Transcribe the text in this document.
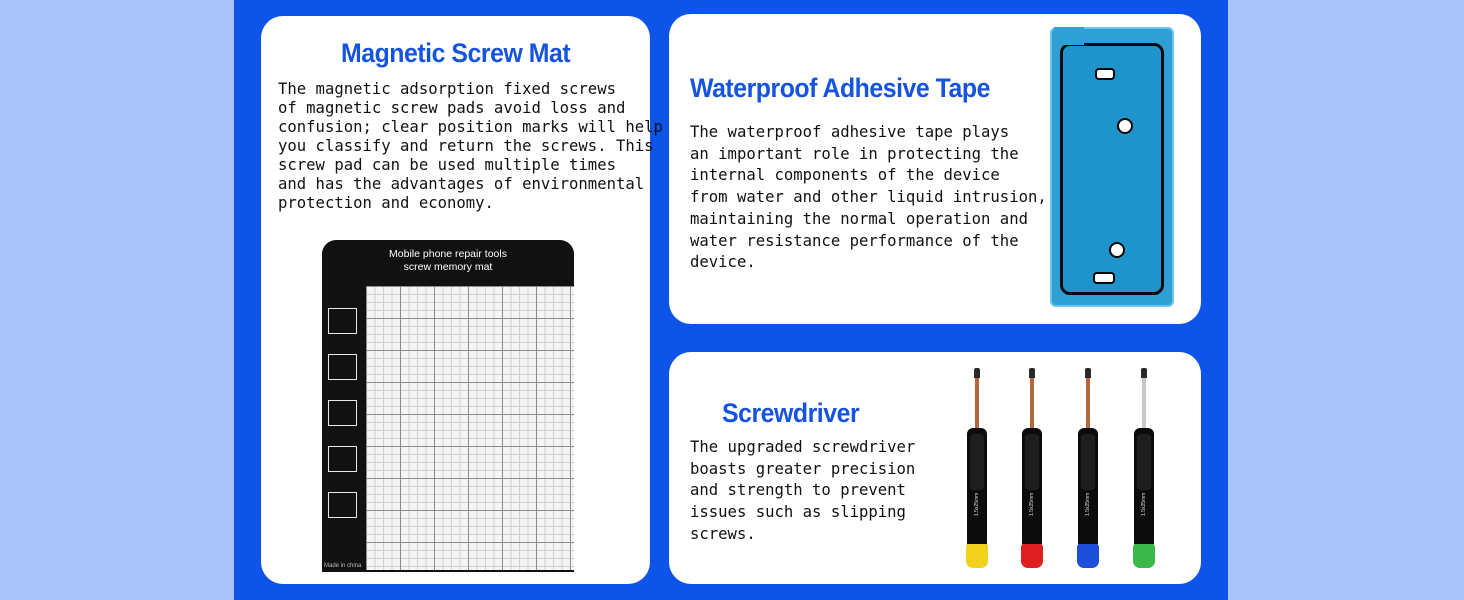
Magnetic Screw Mat
The magnetic adsorption fixed screws
of magnetic screw pads avoid loss and
confusion; clear position marks will help
you classify and return the screws. This
screw pad can be used multiple times
and has the advantages of environmental
protection and economy.
Mobile phone repair tools
screw memory mat
Made in china
Waterproof Adhesive Tape
The waterproof adhesive tape plays
an important role in protecting the
internal components of the device
from water and other liquid intrusion,
maintaining the normal operation and
water resistance performance of the
device.
Screwdriver
The upgraded screwdriver
boasts greater precision
and strength to prevent
issues such as slipping
screws.
1.5x25mm	1.5x25mm	1.5x25mm	1.5x25mm
